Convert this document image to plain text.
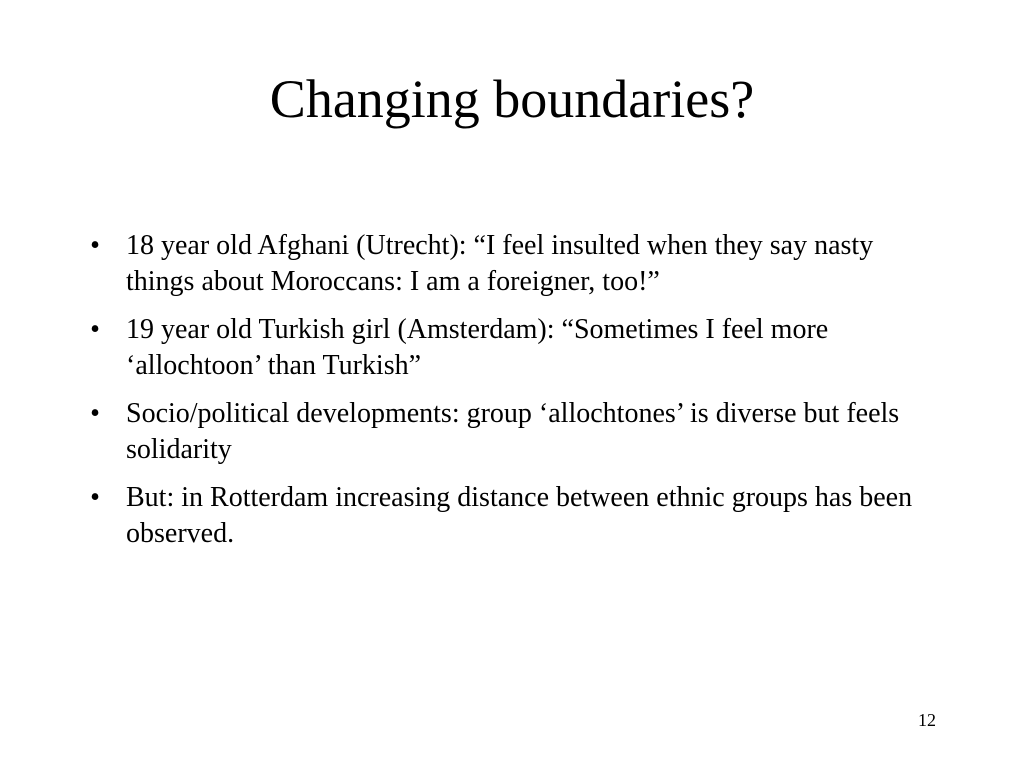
Changing boundaries?
• 18 year old Afghani (Utrecht): “I feel insulted when they say nasty things about Moroccans: I am a foreigner, too!”
• 19 year old Turkish girl (Amsterdam): “Sometimes I feel more ‘allochtoon’ than Turkish”
• Socio/political developments: group ‘allochtones’ is diverse but feels solidarity
• But: in Rotterdam increasing distance between ethnic groups has been observed.
12
